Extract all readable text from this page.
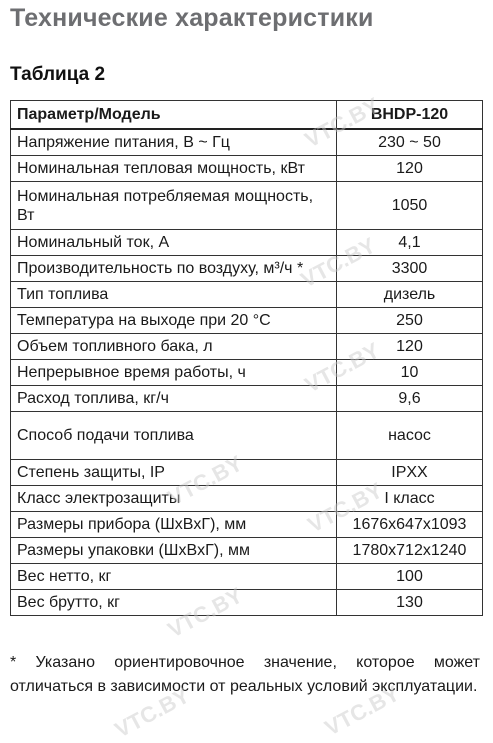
Технические характеристики
Таблица 2
Параметр/Модель	BHDP-120
Напряжение питания, В ~ Гц	230 ~ 50
Номинальная тепловая мощность, кВт	120
Номинальная потребляемая мощность, Вт	1050
Номинальный ток, А	4,1
Производительность по воздуху, м³/ч *	3300
Тип топлива	дизель
Температура на выходе при 20 °С	250
Объем топливного бака, л	120
Непрерывное время работы, ч	10
Расход топлива, кг/ч	9,6
Способ подачи топлива	насос
Степень защиты, IP	IPXX
Класс электрозащиты	I класс
Размеры прибора (ШxВxГ), мм	1676x647x1093
Размеры упаковки (ШxВxГ), мм	1780x712x1240
Вес нетто, кг	100
Вес брутто, кг	130
* Указано ориентировочное значение, которое может отличаться в зависимости от реальных условий эксплуатации.
VTC.BY
VTC.BY
VTC.BY
VTC.BY	VTC.BY
VTC.BY
VTC.BY	VTC.BY
